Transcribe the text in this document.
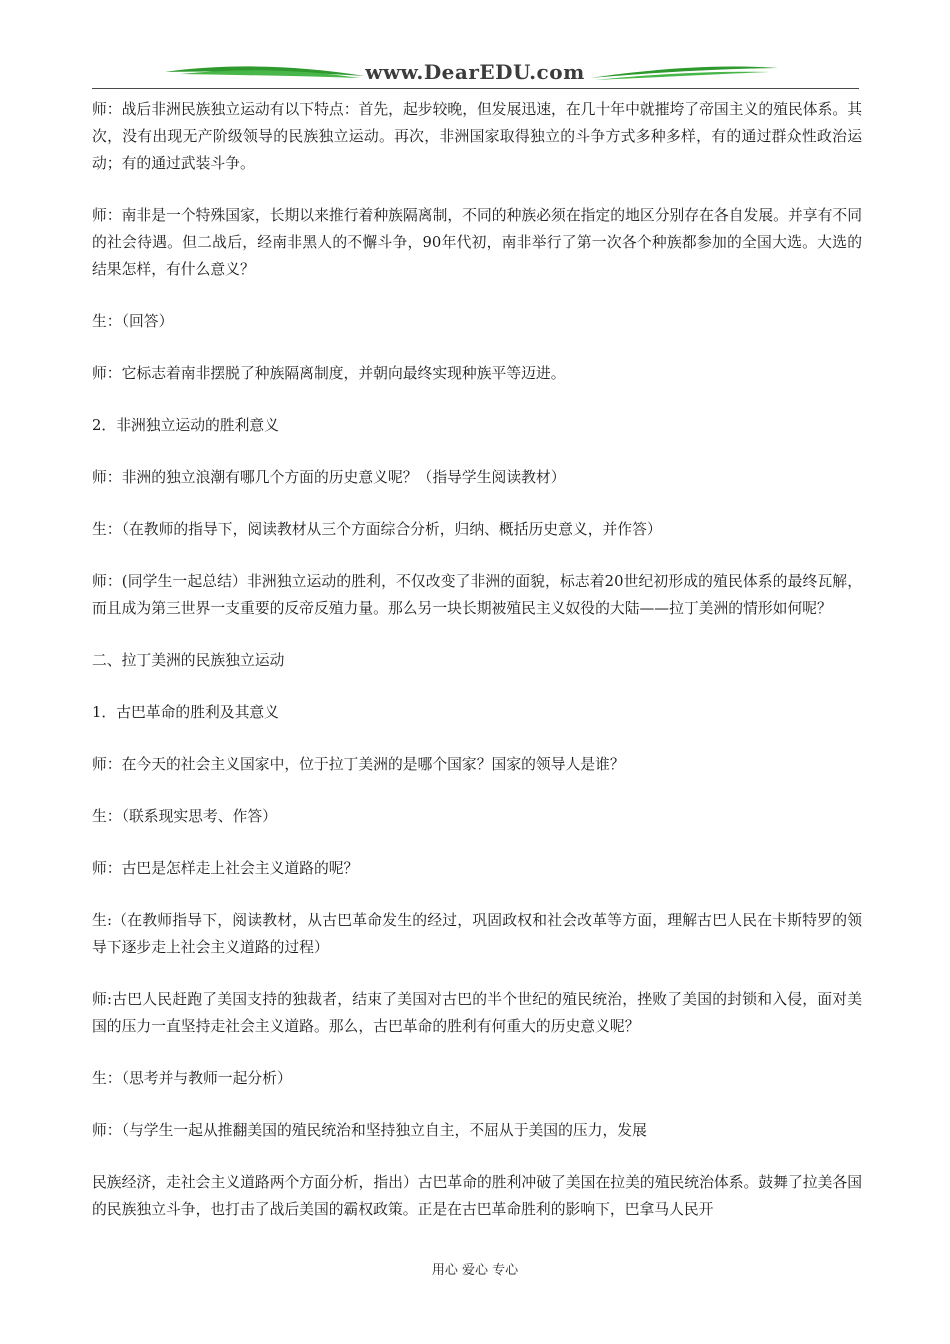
www.DearEDU.com

师：战后非洲民族独立运动有以下特点：首先，起步较晚，但发展迅速，在几十年中就摧垮了帝国主义的殖民体系。其次，没有出现无产阶级领导的民族独立运动。再次，非洲国家取得独立的斗争方式多种多样，有的通过群众性政治运动；有的通过武装斗争。

师：南非是一个特殊国家，长期以来推行着种族隔离制，不同的种族必须在指定的地区分别存在各自发展。并享有不同的社会待遇。但二战后，经南非黑人的不懈斗争，90年代初，南非举行了第一次各个种族都参加的全国大选。大选的结果怎样，有什么意义？

生：（回答）

师：它标志着南非摆脱了种族隔离制度，并朝向最终实现种族平等迈进。

2．非洲独立运动的胜利意义

师：非洲的独立浪潮有哪几个方面的历史意义呢？（指导学生阅读教材）

生：（在教师的指导下，阅读教材从三个方面综合分析，归纳、概括历史意义，并作答）

师：(同学生一起总结）非洲独立运动的胜利，不仅改变了非洲的面貌，标志着20世纪初形成的殖民体系的最终瓦解，而且成为第三世界一支重要的反帝反殖力量。那么另一块长期被殖民主义奴役的大陆——拉丁美洲的情形如何呢？

二、拉丁美洲的民族独立运动

1．古巴革命的胜利及其意义

师：在今天的社会主义国家中，位于拉丁美洲的是哪个国家？国家的领导人是谁？

生：（联系现实思考、作答）

师：古巴是怎样走上社会主义道路的呢？

生:（在教师指导下，阅读教材，从古巴革命发生的经过，巩固政权和社会改革等方面，理解古巴人民在卡斯特罗的领导下逐步走上社会主义道路的过程）

师:古巴人民赶跑了美国支持的独裁者，结束了美国对古巴的半个世纪的殖民统治，挫败了美国的封锁和入侵，面对美国的压力一直坚持走社会主义道路。那么，古巴革命的胜利有何重大的历史意义呢？

生：（思考并与教师一起分析）

师：（与学生一起从推翻美国的殖民统治和坚持独立自主，不屈从于美国的压力，发展

民族经济，走社会主义道路两个方面分析，指出）古巴革命的胜利冲破了美国在拉美的殖民统治体系。鼓舞了拉美各国的民族独立斗争，也打击了战后美国的霸权政策。正是在古巴革命胜利的影响下，巴拿马人民开

用心 爱心 专心
